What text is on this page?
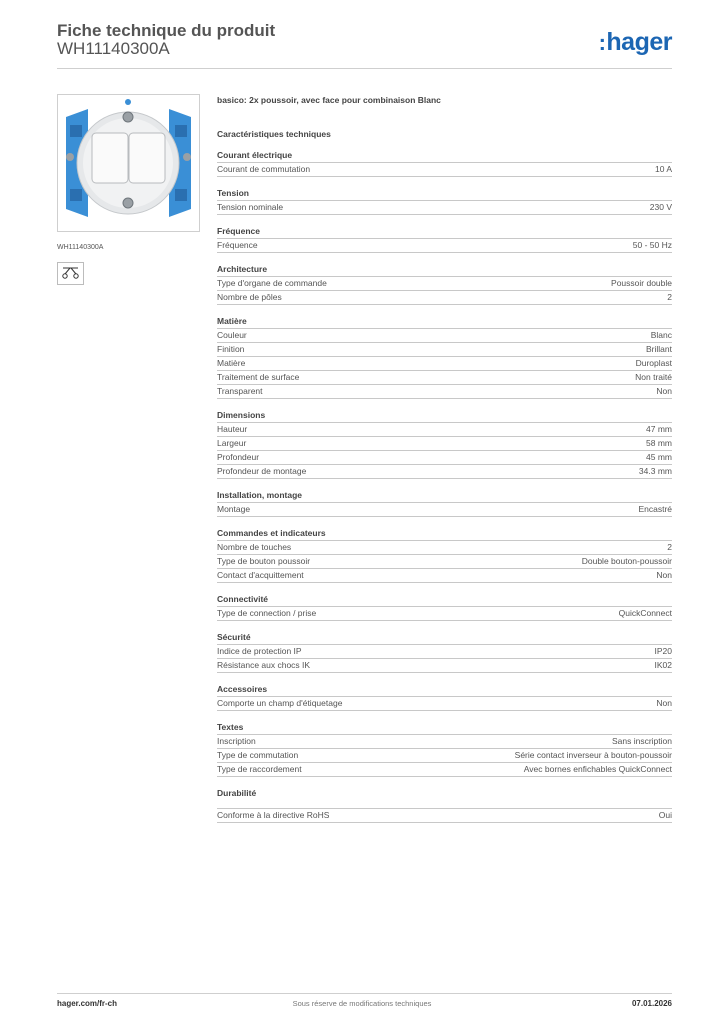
Fiche technique du produit
WH11140300A	:hager
WH11140300A
basico: 2x poussoir, avec face pour combinaison Blanc
Caractéristiques techniques
Courant électrique
Courant de commutation	10 A
Tension
Tension nominale	230 V
Fréquence
Fréquence	50 - 50 Hz
Architecture
Type d'organe de commande	Poussoir double
Nombre de pôles	2
Matière
Couleur	Blanc
Finition	Brillant
Matière	Duroplast
Traitement de surface	Non traité
Transparent	Non
Dimensions
Hauteur	47 mm
Largeur	58 mm
Profondeur	45 mm
Profondeur de montage	34.3 mm
Installation, montage
Montage	Encastré
Commandes et indicateurs
Nombre de touches	2
Type de bouton poussoir	Double bouton-poussoir
Contact d'acquittement	Non
Connectivité
Type de connection / prise	QuickConnect
Sécurité
Indice de protection IP	IP20
Résistance aux chocs IK	IK02
Accessoires
Comporte un champ d'étiquetage	Non
Textes
Inscription	Sans inscription
Type de commutation	Série contact inverseur à bouton-poussoir
Type de raccordement	Avec bornes enfichables QuickConnect
Durabilité
Conforme à la directive RoHS	Oui
hager.com/fr-ch	Sous réserve de modifications techniques	07.01.2026
